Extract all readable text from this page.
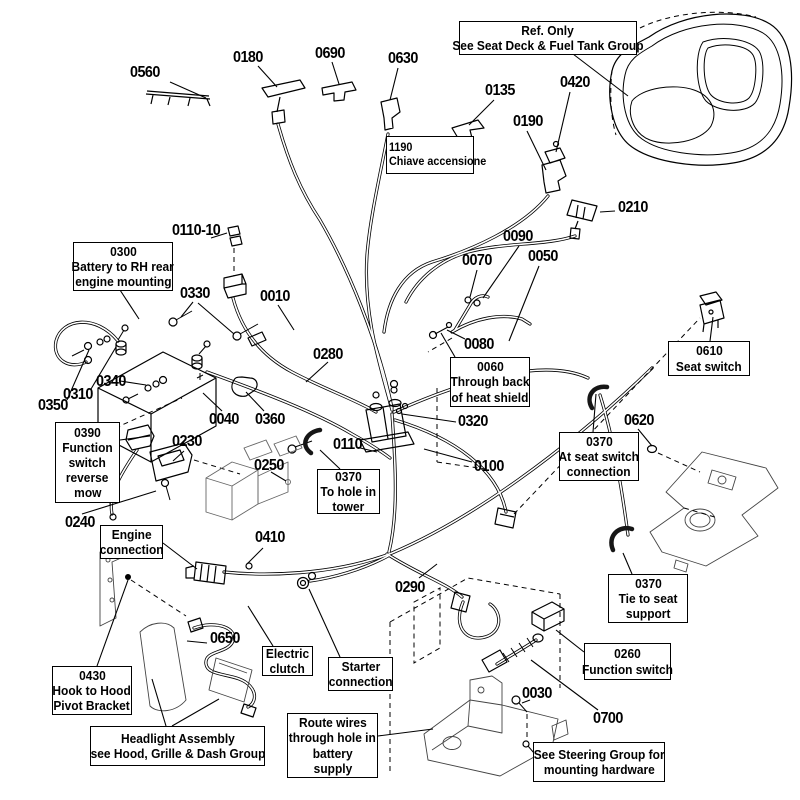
0560
0180	0690	0630
0135	0420
0190
0210
0110-10	0090
0070 0050
0330	0010
0280
0080
0340
0310
0350
0040 0360
0230	0110
0250
0320	0620
0100
0240
0410
0290
0650
0030
0700
Ref. Only
See Seat Deck & Fuel Tank Group
1190
Chiave accensione
0300
Battery to RH rear
engine mounting
0060
Through back
of heat shield
0610
Seat switch
0390
Function
switch
reverse
mow
0370
To hole in
tower
0370
At seat switch
connection
Engine
connection
0370
Tie to seat
support
0430
Hook to Hood
Pivot Bracket
Electric
clutch	Starter
connection
Headlight Assembly
see Hood, Grille & Dash Group
Route wires
through hole in
battery
supply
0260
Function switch
See Steering Group for
mounting hardware
